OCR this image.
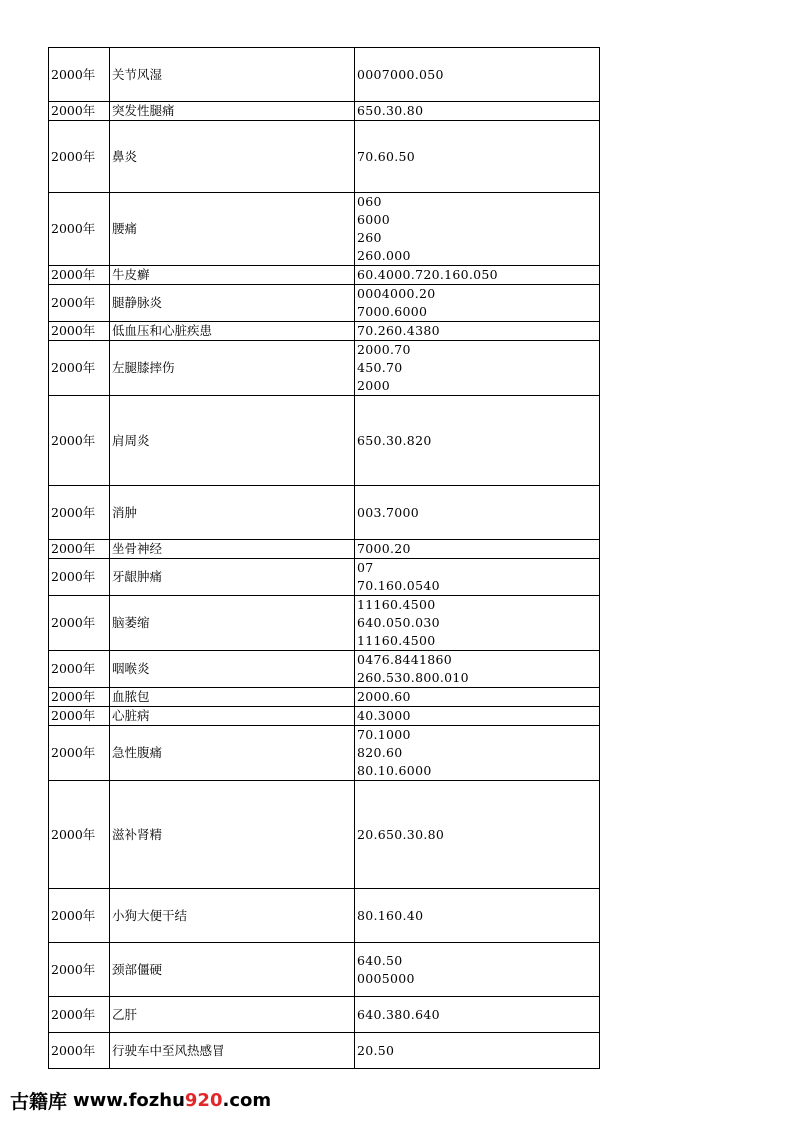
2000年	关节风湿	0007000.050

2000年	突发性腿痛	650.30.80

2000年	鼻炎	70.60.50

2000年	腰痛	060
6000
260
260.000

2000年	牛皮癣	60.4000.720.160.050

2000年	腿静脉炎	0004000.20
7000.6000

2000年	低血压和心脏疾患	70.260.4380

2000年	左腿膝摔伤	2000.70
450.70
2000

2000年	肩周炎	650.30.820

2000年	消肿	003.7000

2000年	坐骨神经	7000.20

2000年	牙龈肿痛	07
70.160.0540

2000年	脑萎缩	11160.4500
640.050.030
11160.4500

2000年	咽喉炎	0476.8441860
260.530.800.010

2000年	血脓包	2000.60

2000年	心脏病	40.3000

2000年	急性腹痛	70.1000
820.60
80.10.6000

2000年	滋补肾精	20.650.30.80

2000年	小狗大便干结	80.160.40

2000年	颈部僵硬	640.50
0005000

2000年	乙肝	640.380.640

2000年	行驶车中至风热感冒	20.50
古籍库 www.fozhu 920 .com
